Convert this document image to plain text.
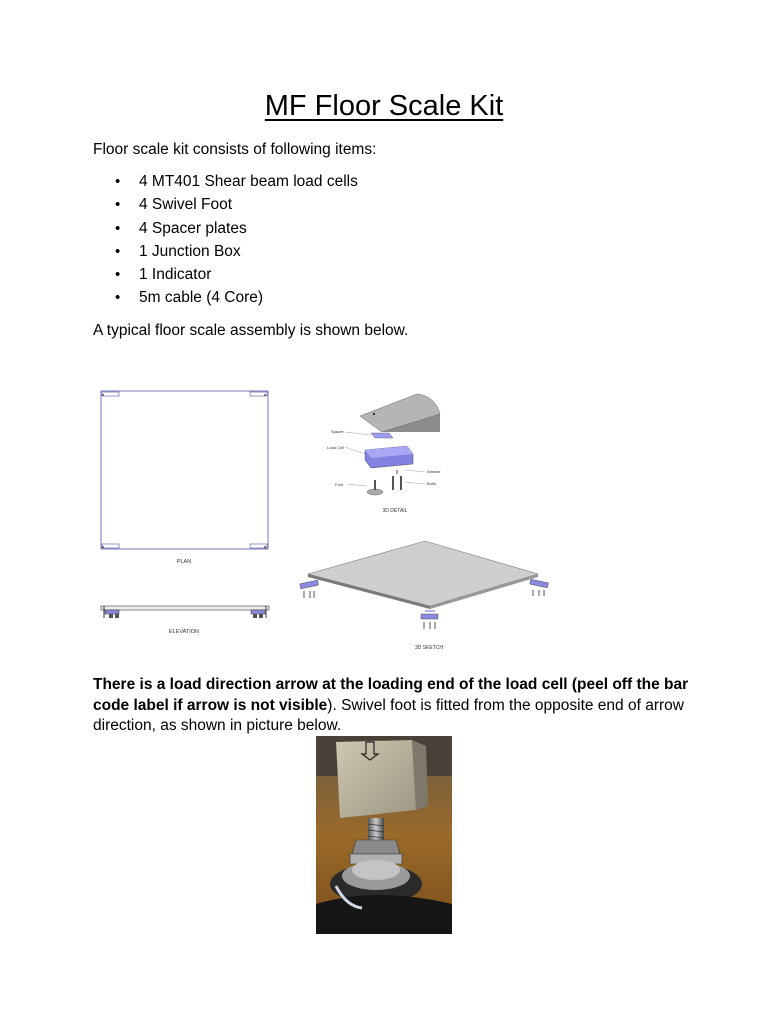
MF Floor Scale Kit
Floor scale kit consists of following items:
• 4 MT401 Shear beam load cells
• 4 Swivel Foot
• 4 Spacer plates
• 1 Junction Box
• 1 Indicator
• 5m cable (4 Core)
A typical floor scale assembly is shown below.
PLAN
ELEVATION
Spacer
Load Cell
Foot
Washer
Bolts
3D DETAIL
3D SKETCH
There is a load direction arrow at the loading end of the load cell (peel off the bar code label if arrow is not visible). Swivel foot is fitted from the opposite end of arrow direction, as shown in picture below.
